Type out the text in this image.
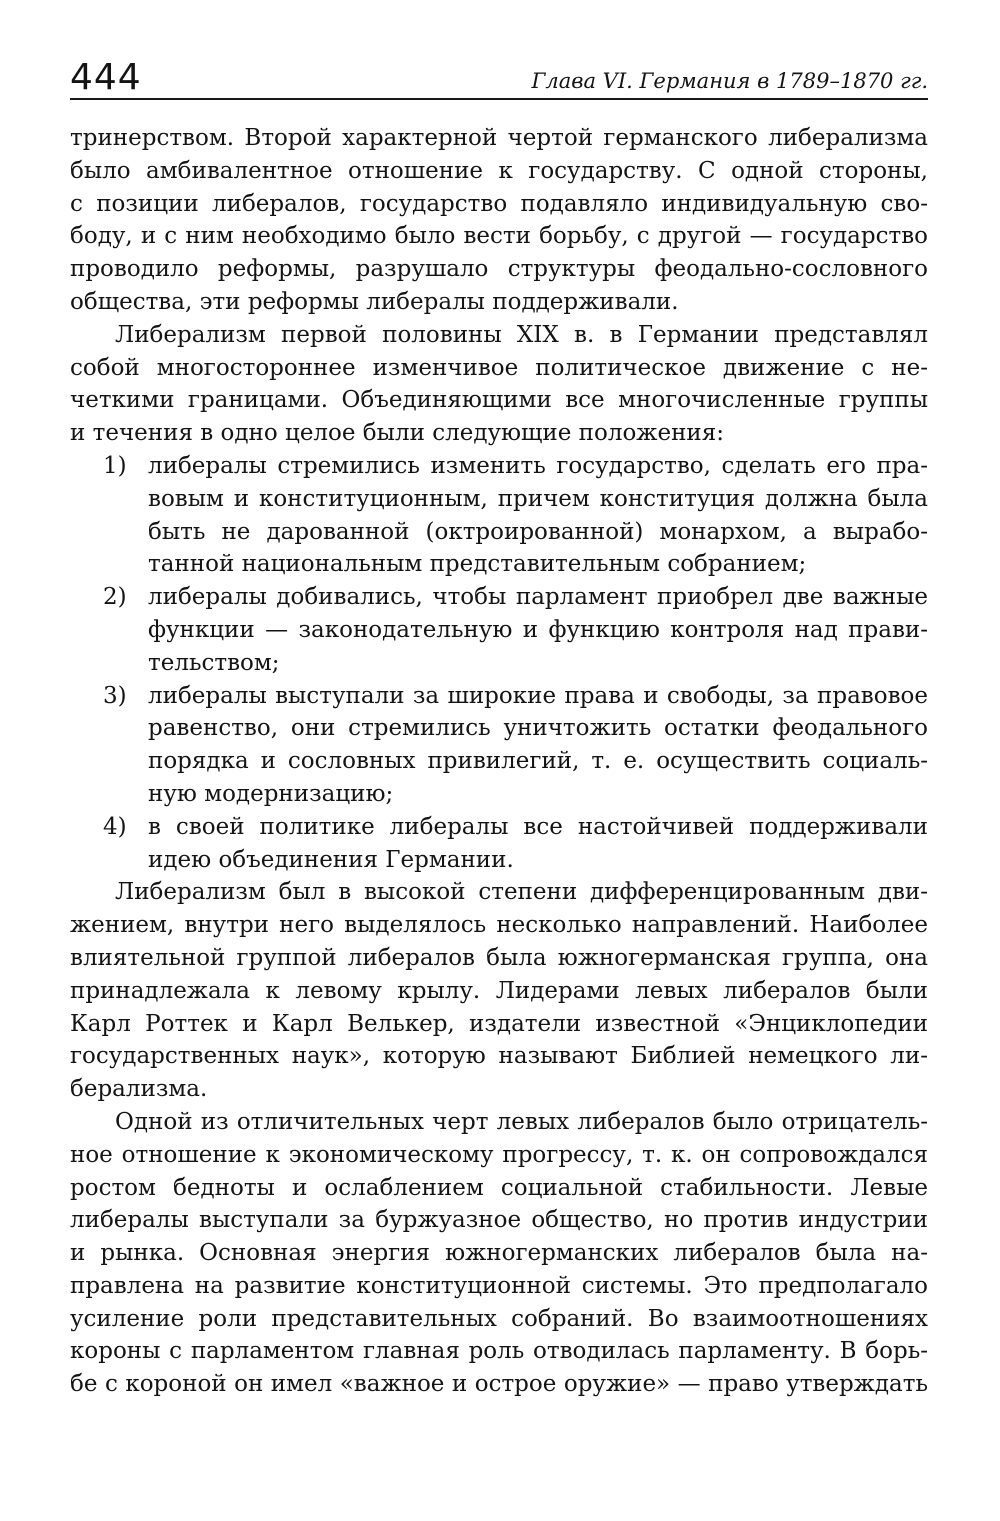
444	Глава VI. Германия в 1789–1870 гг.
тринерством. Второй характерной чертой германского либерализма
было амбивалентное отношение к государству. С одной стороны,
с позиции либералов, государство подавляло индивидуальную сво-
боду, и с ним необходимо было вести борьбу, с другой — государство
проводило реформы, разрушало структуры феодально-сословного
общества, эти реформы либералы поддерживали.
Либерализм первой половины XIX в. в Германии представлял
собой многостороннее изменчивое политическое движение с не-
четкими границами. Объединяющими все многочисленные группы
и течения в одно целое были следующие положения:
1) либералы стремились изменить государство, сделать его пра-
вовым и конституционным, причем конституция должна была
быть не дарованной (октроированной) монархом, а вырабо-
танной национальным представительным собранием;
2) либералы добивались, чтобы парламент приобрел две важные
функции — законодательную и функцию контроля над прави-
тельством;
3) либералы выступали за широкие права и свободы, за правовое
равенство, они стремились уничтожить остатки феодального
порядка и сословных привилегий, т. е. осуществить социаль-
ную модернизацию;
4) в своей политике либералы все настойчивей поддерживали
идею объединения Германии.
Либерализм был в высокой степени дифференцированным дви-
жением, внутри него выделялось несколько направлений. Наиболее
влиятельной группой либералов была южногерманская группа, она
принадлежала к левому крылу. Лидерами левых либералов были
Карл Роттек и Карл Велькер, издатели известной «Энциклопедии
государственных наук», которую называют Библией немецкого ли-
берализма.
Одной из отличительных черт левых либералов было отрицатель-
ное отношение к экономическому прогрессу, т. к. он сопровождался
ростом бедноты и ослаблением социальной стабильности. Левые
либералы выступали за буржуазное общество, но против индустрии
и рынка. Основная энергия южногерманских либералов была на-
правлена на развитие конституционной системы. Это предполагало
усиление роли представительных собраний. Во взаимоотношениях
короны с парламентом главная роль отводилась парламенту. В борь-
бе с короной он имел «важное и острое оружие» — право утверждать
